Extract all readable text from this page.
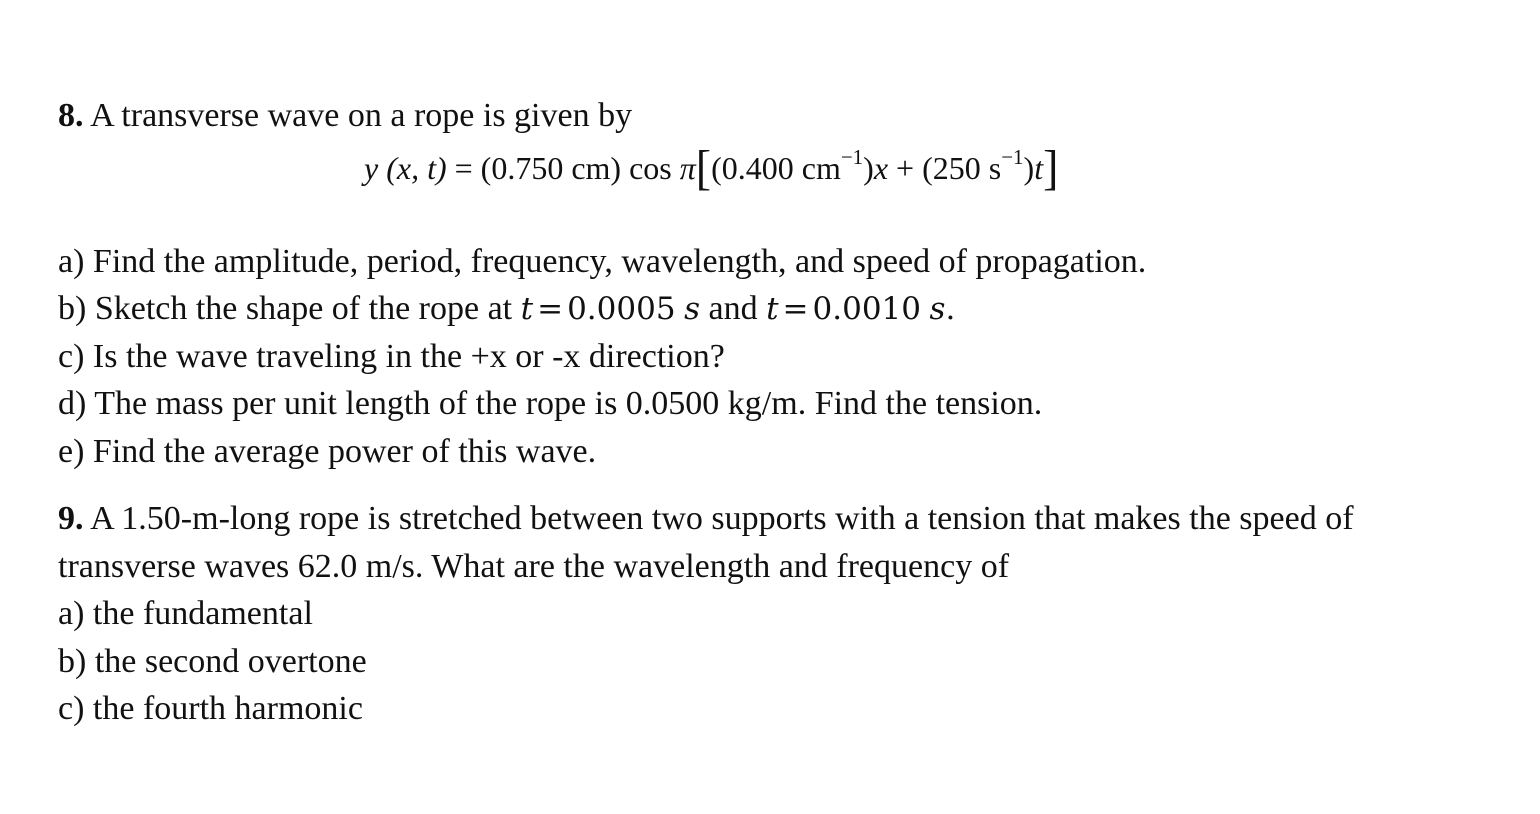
8. A transverse wave on a rope is given by
a) Find the amplitude, period, frequency, wavelength, and speed of propagation.
b) Sketch the shape of the rope at t = 0.0005 s and t = 0.0010 s.
c) Is the wave traveling in the +x or -x direction?
d) The mass per unit length of the rope is 0.0500 kg/m. Find the tension.
e) Find the average power of this wave.
y (x, t) = (0.750 cm) cos π[(0.400 $cm^{-1})x + (250$ $s^{-1})t$]
9. A 1.50-m-long rope is stretched between two supports with a tension that makes the speed of
transverse waves 62.0 m/s. What are the wavelength and frequency of
a) the fundamental
b) the second overtone
c) the fourth harmonic
